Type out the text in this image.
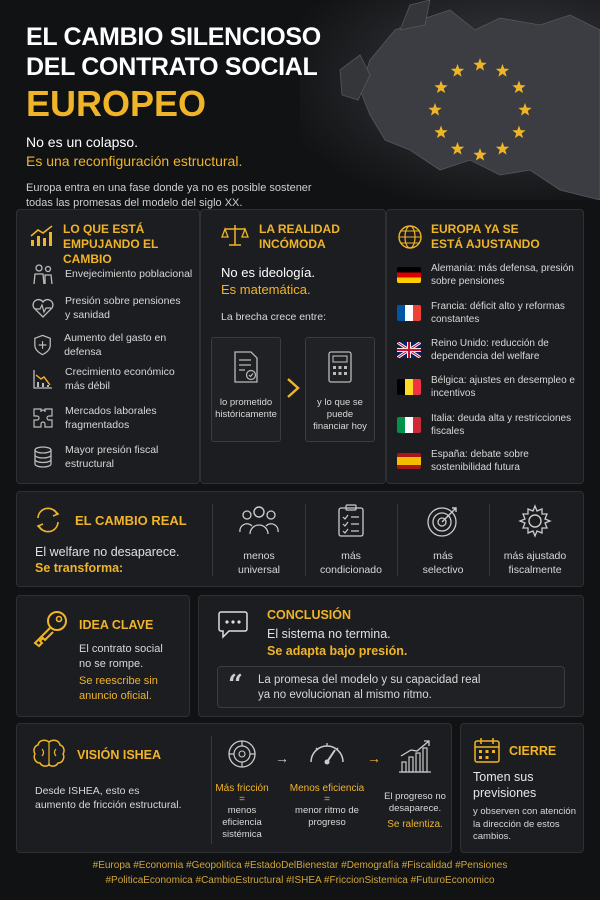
EL CAMBIO SILENCIOSO
DEL CONTRATO SOCIAL
EUROPEO
No es un colapso.
Es una reconfiguración estructural.
Europa entra en una fase donde ya no es posible sostener todas las promesas del modelo del siglo XX.
LO QUE ESTÁ
EMPUJANDO EL CAMBIO
Envejecimiento poblacional
Presión sobre pensiones y sanidad
Aumento del gasto en defensa
Crecimiento económico más débil
Mercados laborales fragmentados
Mayor presión fiscal estructural
LA REALIDAD
INCÓMODA
No es ideología.
Es matemática.
La brecha crece entre:
lo prometido históricamente
y lo que se puede financiar hoy
EUROPA YA SE
ESTÁ AJUSTANDO
Alemania: más defensa, presión sobre pensiones
Francia: déficit alto y reformas constantes
Reino Unido: reducción de dependencia del welfare
Bélgica: ajustes en desempleo e incentivos
Italia: deuda alta y restricciones fiscales
España: debate sobre sostenibilidad futura
EL CAMBIO REAL
El welfare no desaparece.
Se transforma:
menos
universal
más
condicionado
más
selectivo
más ajustado
fiscalmente
IDEA CLAVE
El contrato social
no se rompe.
Se reescribe sin
anuncio oficial.
CONCLUSIÓN
El sistema no termina.
Se adapta bajo presión.
“ La promesa del modelo y su capacidad real
ya no evolucionan al mismo ritmo.
VISIÓN ISHEA
Desde ISHEA, esto es
aumento de fricción estructural.
Más fricción
=
menos eficiencia
sistémica
→
Menos eficiencia
=
menor ritmo de
progreso
→
El progreso no
desaparece.
Se ralentiza.
CIERRE
Tomen sus
previsiones
y observen con atención
la dirección de estos
cambios.
#Europa #Economia #Geopolitica #EstadoDelBienestar #Demografía #Fiscalidad #Pensiones
#PoliticaEconomica #CambioEstructural #ISHEA #FriccionSistemica #FuturoEconomico
